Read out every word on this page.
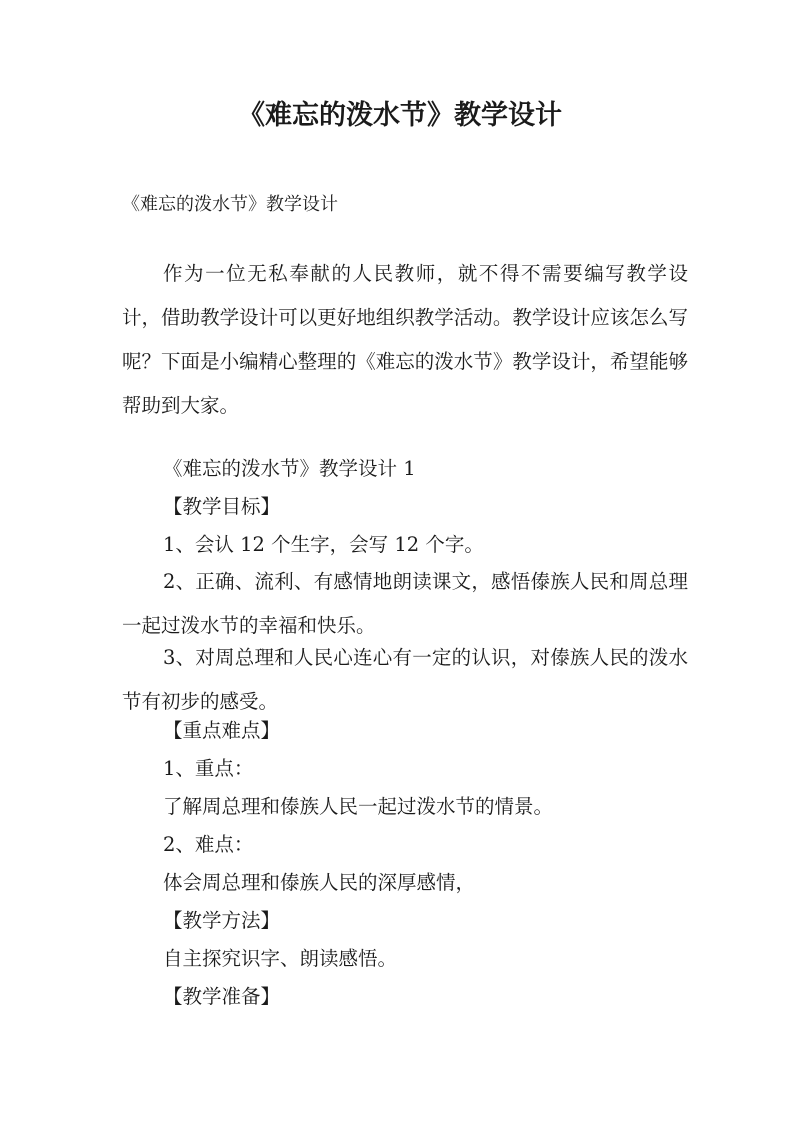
《难忘的泼水节》教学设计
《难忘的泼水节》教学设计
作为一位无私奉献的人民教师，就不得不需要编写教学设计，借助教学设计可以更好地组织教学活动。教学设计应该怎么写呢？下面是小编精心整理的《难忘的泼水节》教学设计，希望能够帮助到大家。
《难忘的泼水节》教学设计 1
【教学目标】
1、会认 12 个生字，会写 12 个字。
2、正确、流利、有感情地朗读课文，感悟傣族人民和周总理一起过泼水节的幸福和快乐。
3、对周总理和人民心连心有一定的认识，对傣族人民的泼水节有初步的感受。
【重点难点】
1、重点：
了解周总理和傣族人民一起过泼水节的情景。
2、难点：
体会周总理和傣族人民的深厚感情，
【教学方法】
自主探究识字、朗读感悟。
【教学准备】
